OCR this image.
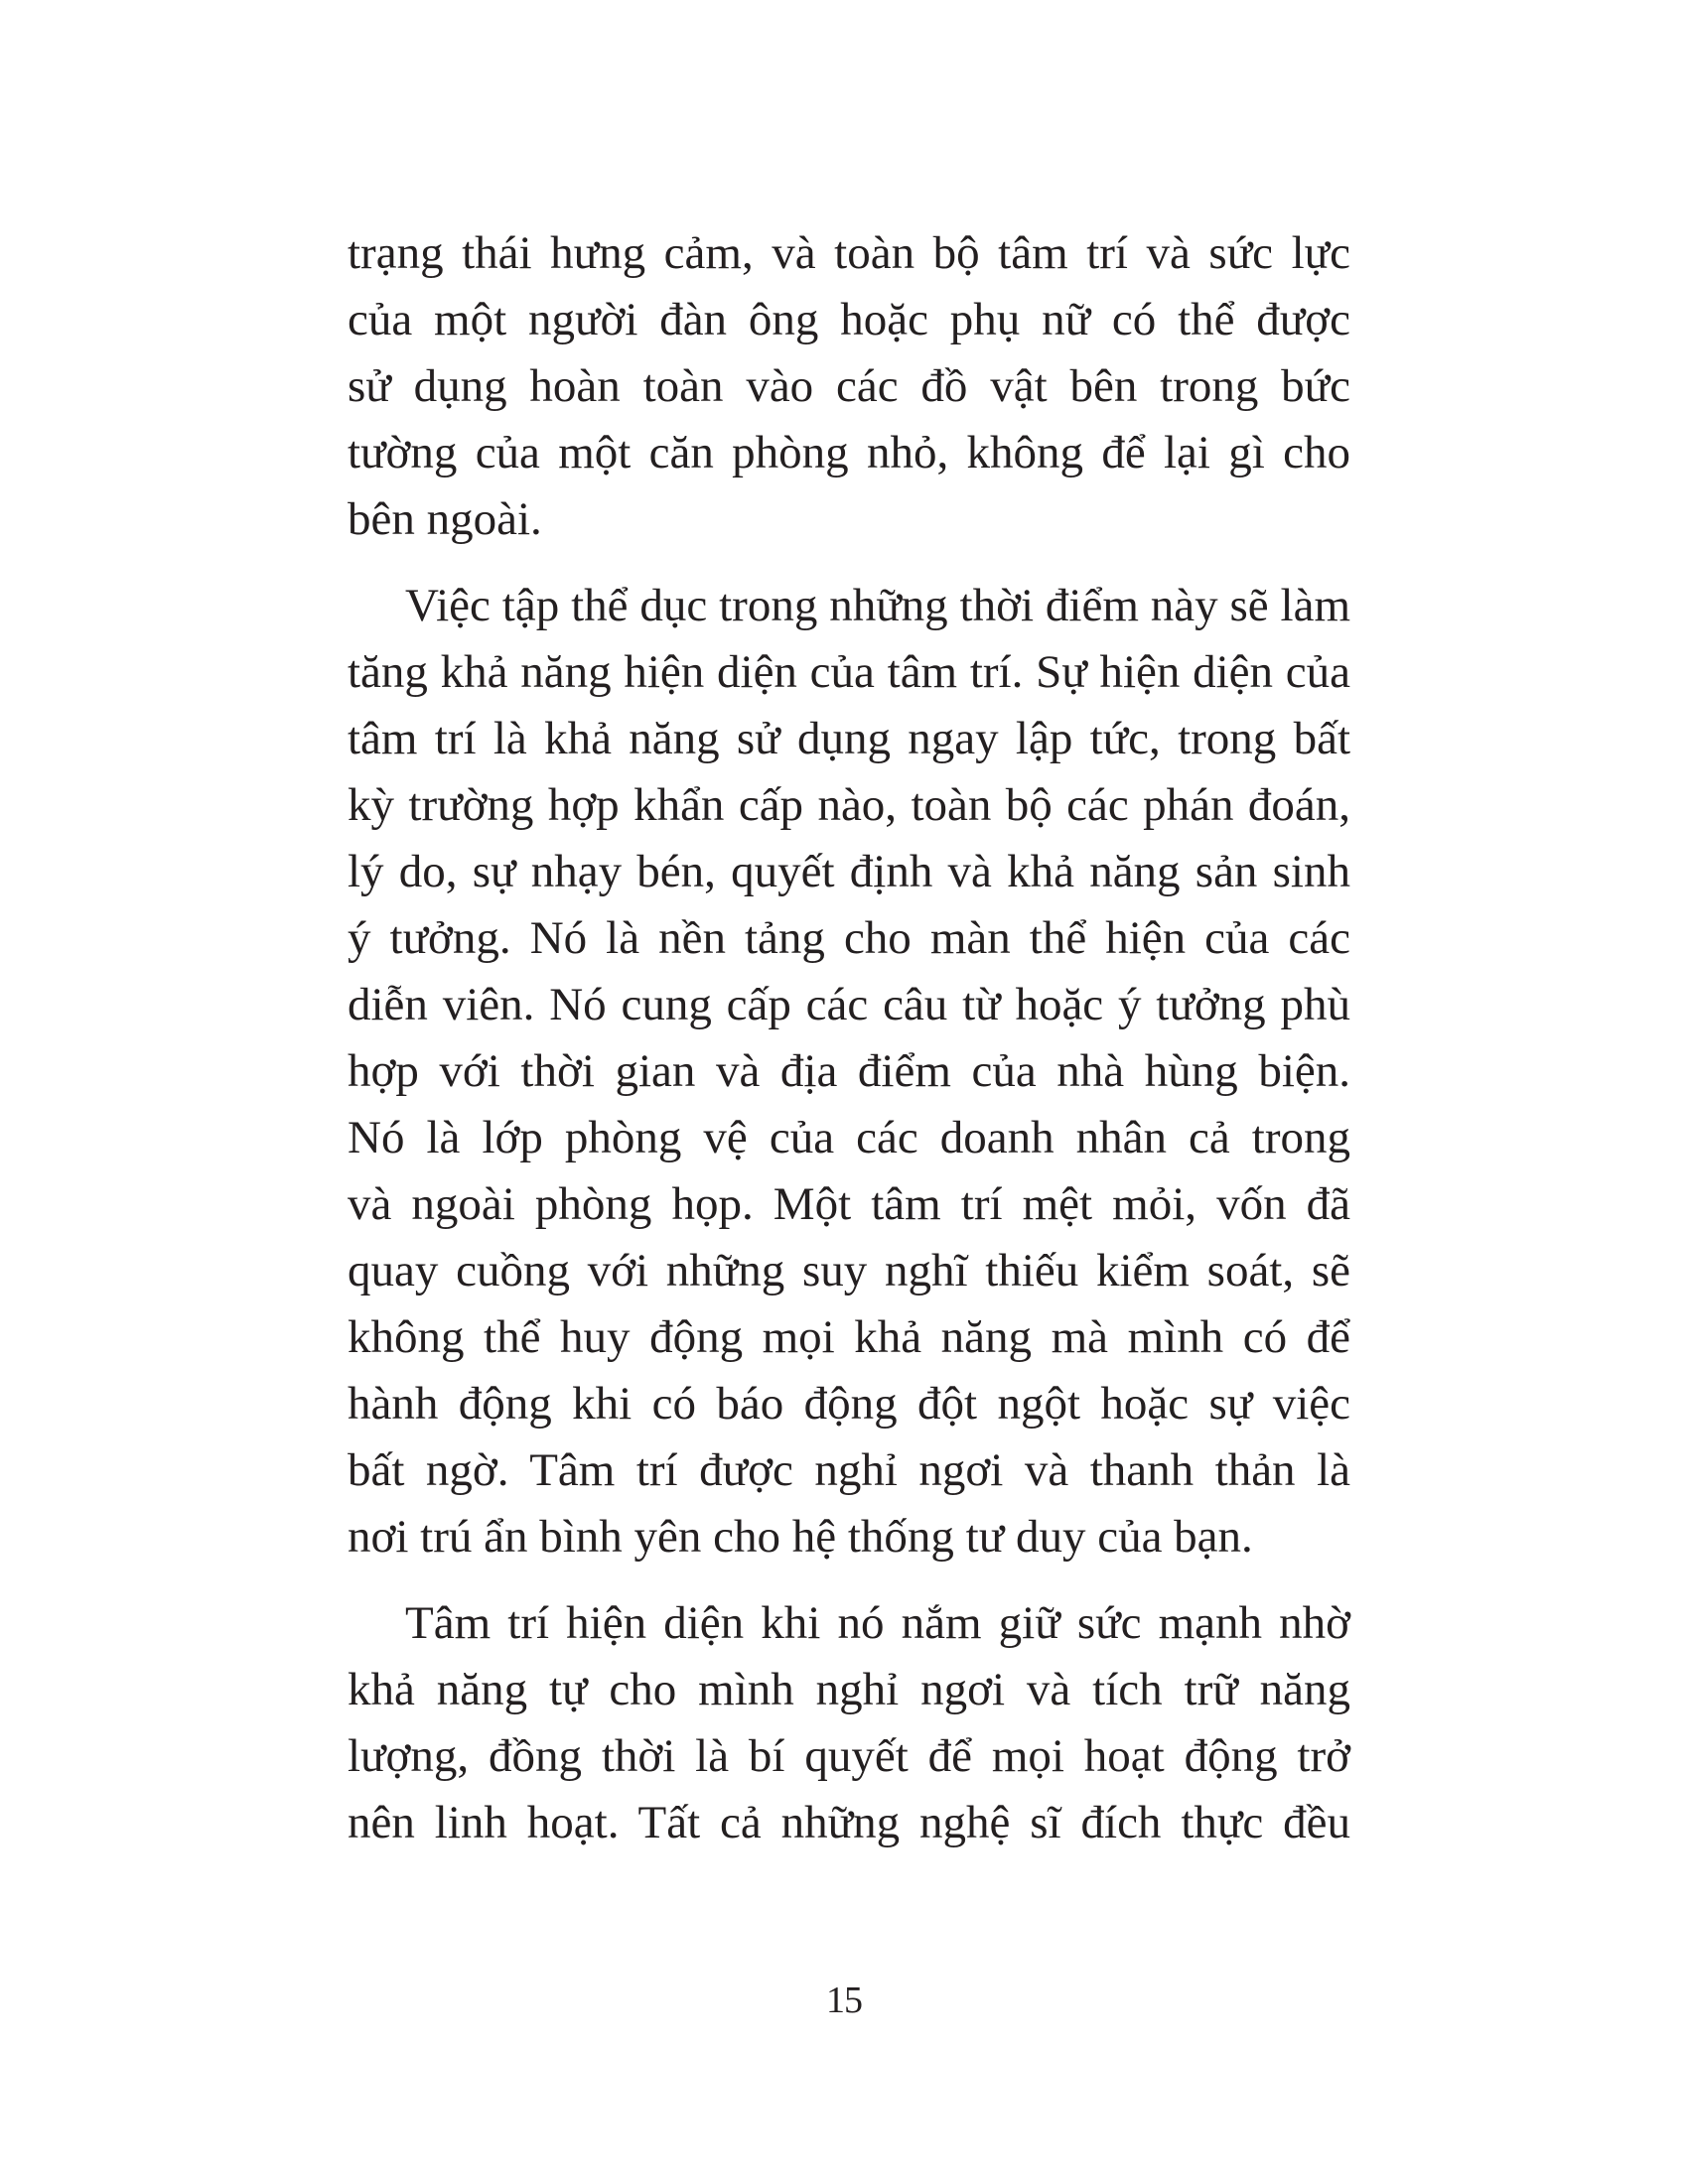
trạng thái hưng cảm, và toàn bộ tâm trí và sức lực
của một người đàn ông hoặc phụ nữ có thể được
sử dụng hoàn toàn vào các đồ vật bên trong bức
tường của một căn phòng nhỏ, không để lại gì cho
bên ngoài.
Việc tập thể dục trong những thời điểm này sẽ làm
tăng khả năng hiện diện của tâm trí. Sự hiện diện của
tâm trí là khả năng sử dụng ngay lập tức, trong bất
kỳ trường hợp khẩn cấp nào, toàn bộ các phán đoán,
lý do, sự nhạy bén, quyết định và khả năng sản sinh
ý tưởng. Nó là nền tảng cho màn thể hiện của các
diễn viên. Nó cung cấp các câu từ hoặc ý tưởng phù
hợp với thời gian và địa điểm của nhà hùng biện.
Nó là lớp phòng vệ của các doanh nhân cả trong
và ngoài phòng họp. Một tâm trí mệt mỏi, vốn đã
quay cuồng với những suy nghĩ thiếu kiểm soát, sẽ
không thể huy động mọi khả năng mà mình có để
hành động khi có báo động đột ngột hoặc sự việc
bất ngờ. Tâm trí được nghỉ ngơi và thanh thản là
nơi trú ẩn bình yên cho hệ thống tư duy của bạn.
Tâm trí hiện diện khi nó nắm giữ sức mạnh nhờ
khả năng tự cho mình nghỉ ngơi và tích trữ năng
lượng, đồng thời là bí quyết để mọi hoạt động trở
nên linh hoạt. Tất cả những nghệ sĩ đích thực đều
15
